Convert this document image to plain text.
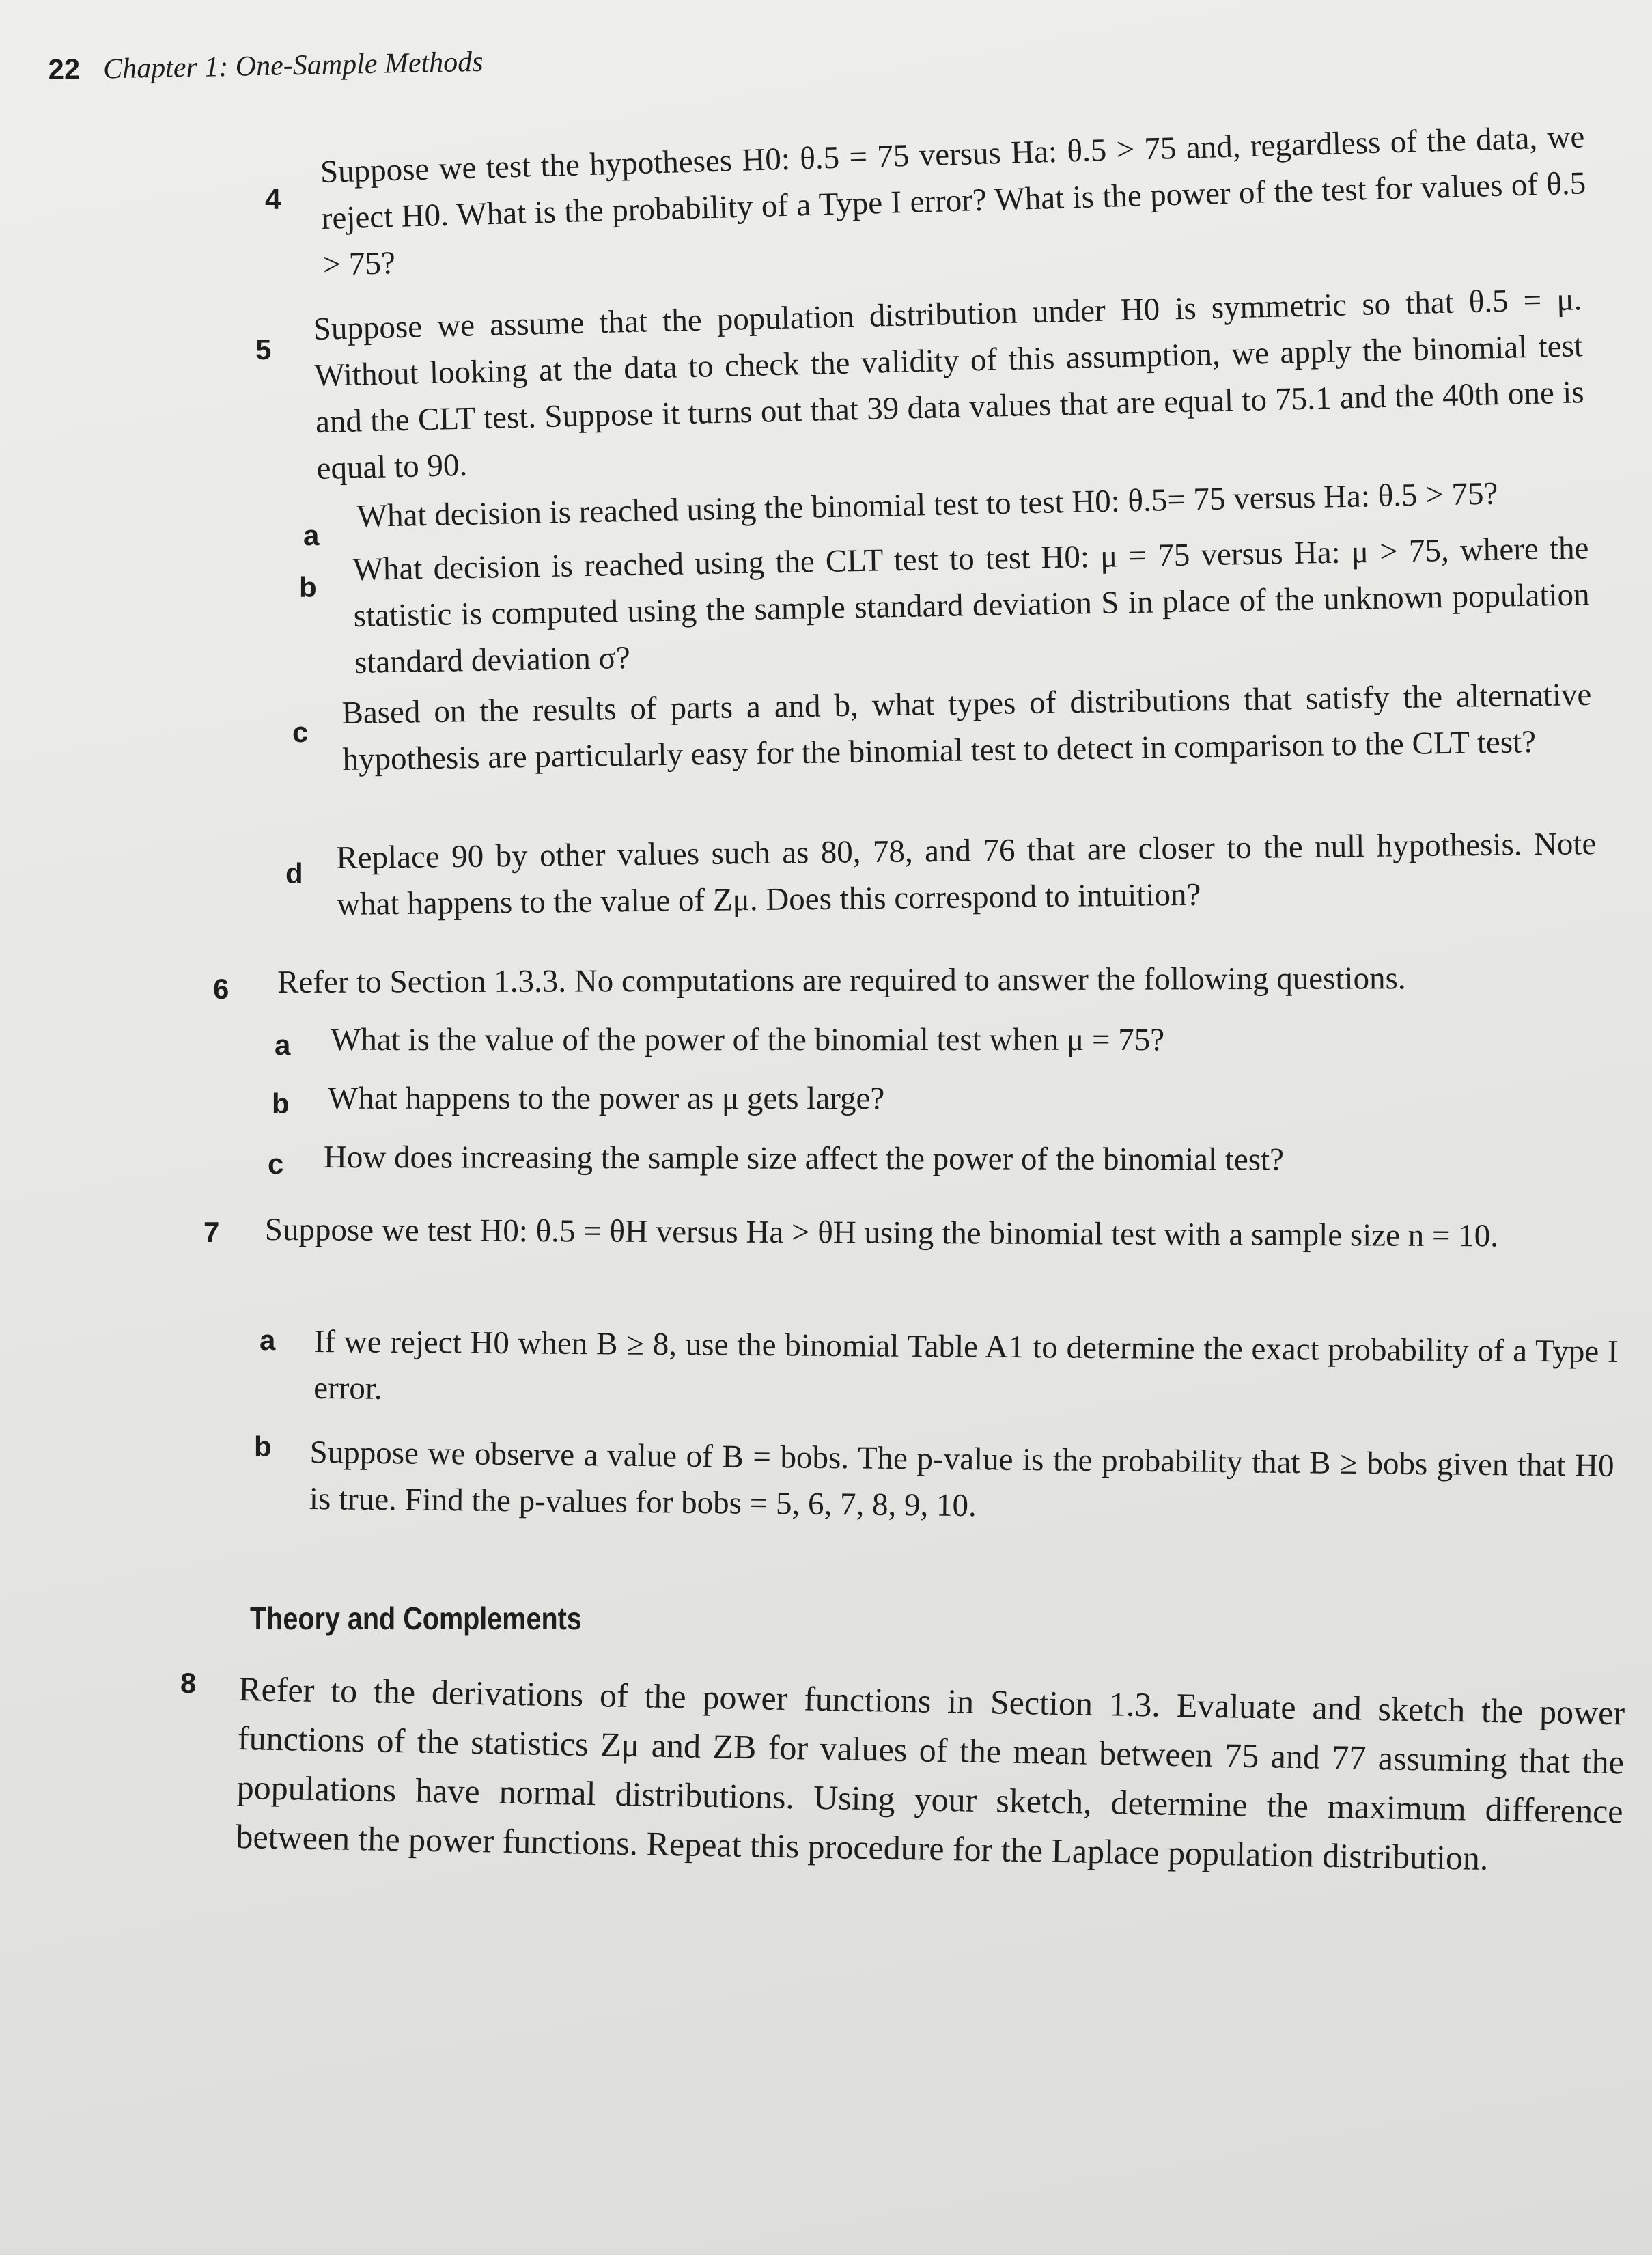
22 Chapter 1: One-Sample Methods
4
Suppose we test the hypotheses H0: θ.5 = 75 versus Ha: θ.5 > 75 and, regardless of the data, we reject H0. What is the probability of a Type I error? What is the power of the test for values of θ.5 > 75?
5
Suppose we assume that the population distribution under H0 is symmetric so that θ.5 = μ. Without looking at the data to check the validity of this assumption, we apply the binomial test and the CLT test. Suppose it turns out that 39 data values that are equal to 75.1 and the 40th one is equal to 90.
a
What decision is reached using the binomial test to test H0: θ.5= 75 versus Ha: θ.5 > 75?
b What decision is reached using the CLT test to test H0: μ = 75 versus Ha: μ > 75, where the statistic is computed using the sample standard deviation S in place of the unknown population standard deviation σ?
c
Based on the results of parts a and b, what types of distributions that satisfy the alternative hypothesis are particularly easy for the binomial test to detect in comparison to the CLT test?
d Replace 90 by other values such as 80, 78, and 76 that are closer to the null hypothesis. Note what happens to the value of Zμ. Does this correspond to intuition?
6 Refer to Section 1.3.3. No computations are required to answer the following questions.
a What is the value of the power of the binomial test when μ = 75?
b What happens to the power as μ gets large?
c How does increasing the sample size affect the power of the binomial test?
7 Suppose we test H0: θ.5 = θH versus Ha > θH using the binomial test with a sample size n = 10.
a If we reject H0 when B ≥ 8, use the binomial Table A1 to determine the exact probability of a Type I error.
b Suppose we observe a value of B = bobs. The p-value is the probability that B ≥ bobs given that H0 is true. Find the p-values for bobs = 5, 6, 7, 8, 9, 10.
Theory and Complements
8 Refer to the derivations of the power functions in Section 1.3. Evaluate and sketch the power functions of the statistics Zμ and ZB for values of the mean between 75 and 77 assuming that the populations have normal distributions. Using your sketch, determine the maximum difference between the power functions. Repeat this procedure for the Laplace population distribution.
